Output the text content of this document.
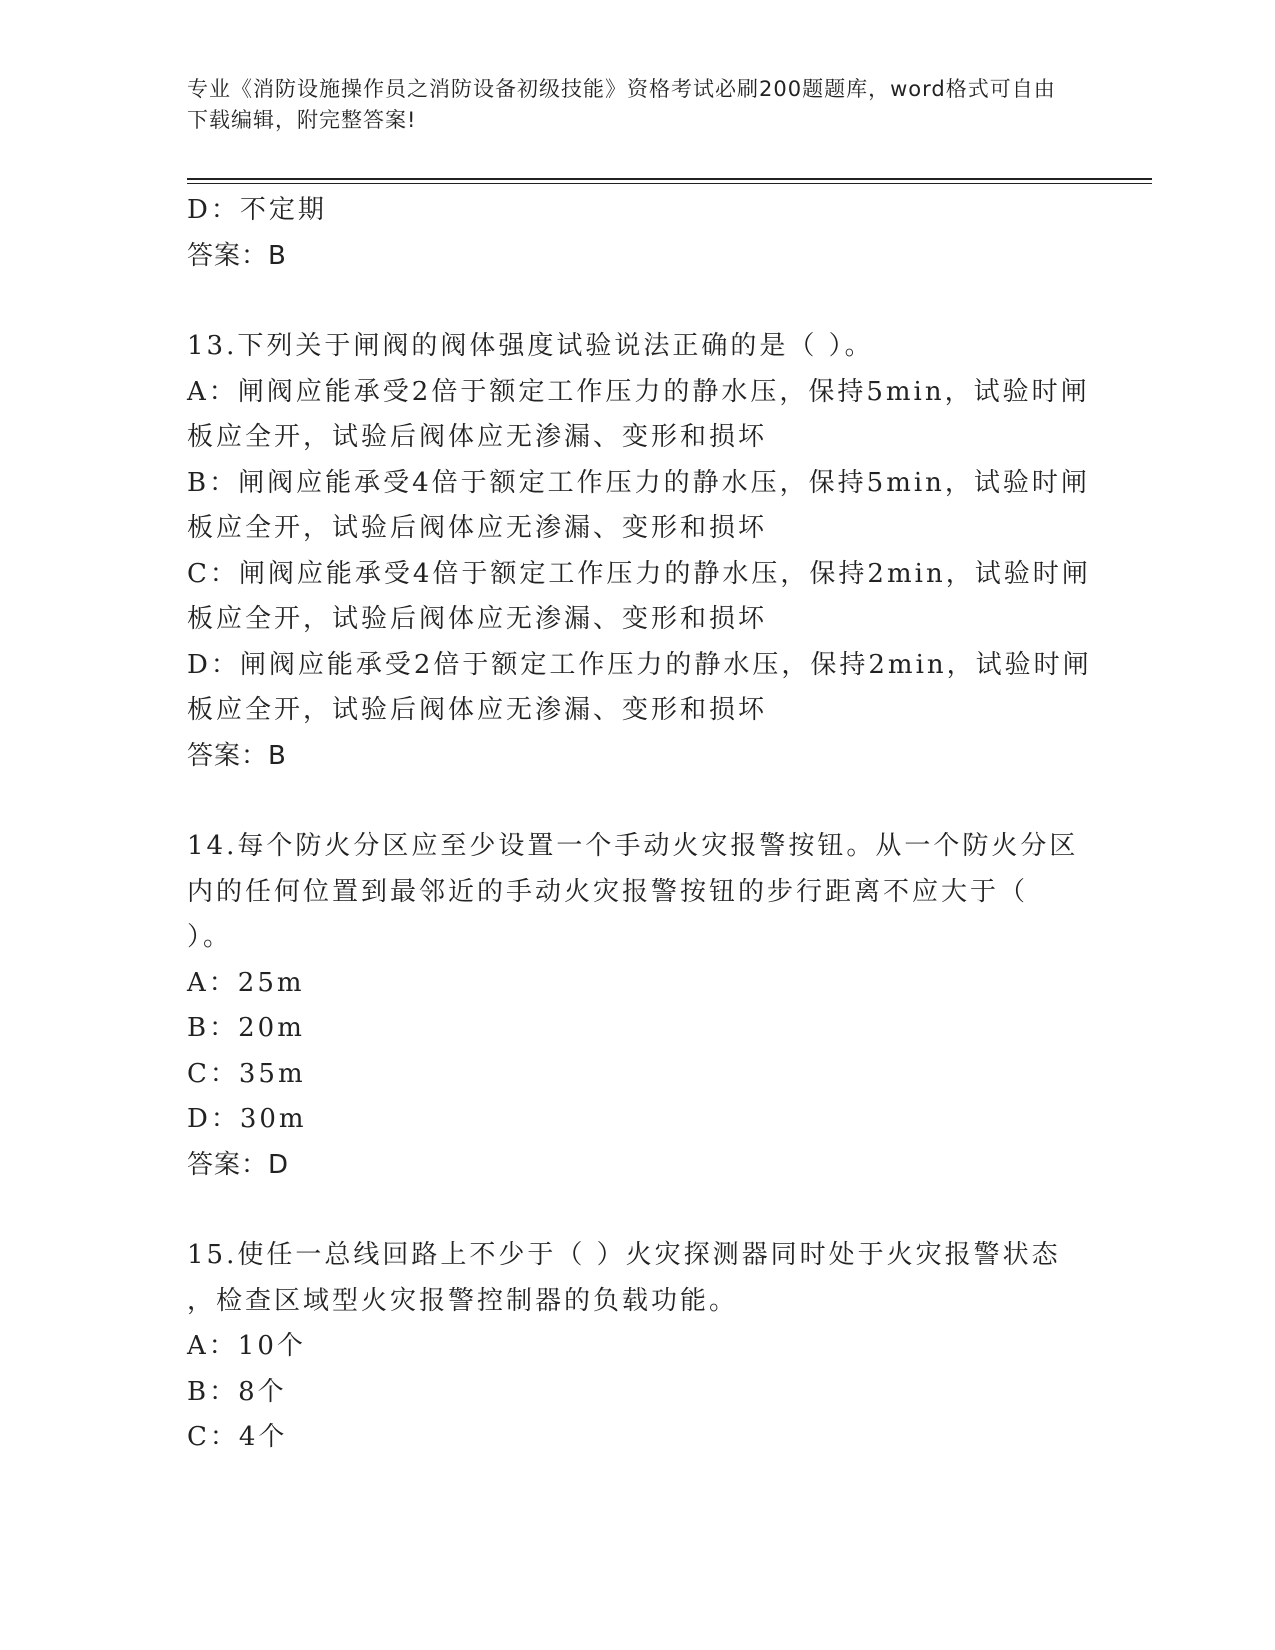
专业《消防设施操作员之消防设备初级技能》资格考试必刷200题题库，word格式可自由下载编辑，附完整答案!
D：不定期
答案：B
13.下列关于闸阀的阀体强度试验说法正确的是（ ）。
A：闸阀应能承受2倍于额定工作压力的静水压，保持5min，试验时闸
板应全开，试验后阀体应无渗漏、变形和损坏
B：闸阀应能承受4倍于额定工作压力的静水压，保持5min，试验时闸
板应全开，试验后阀体应无渗漏、变形和损坏
C：闸阀应能承受4倍于额定工作压力的静水压，保持2min，试验时闸
板应全开，试验后阀体应无渗漏、变形和损坏
D：闸阀应能承受2倍于额定工作压力的静水压，保持2min，试验时闸
板应全开，试验后阀体应无渗漏、变形和损坏
答案：B
14.每个防火分区应至少设置一个手动火灾报警按钮。从一个防火分区
内的任何位置到最邻近的手动火灾报警按钮的步行距离不应大于（
）。
A：25m
B：20m
C：35m
D：30m
答案：D
15.使任一总线回路上不少于（ ）火灾探测器同时处于火灾报警状态
，检查区域型火灾报警控制器的负载功能。
A：10个
B：8个
C：4个
